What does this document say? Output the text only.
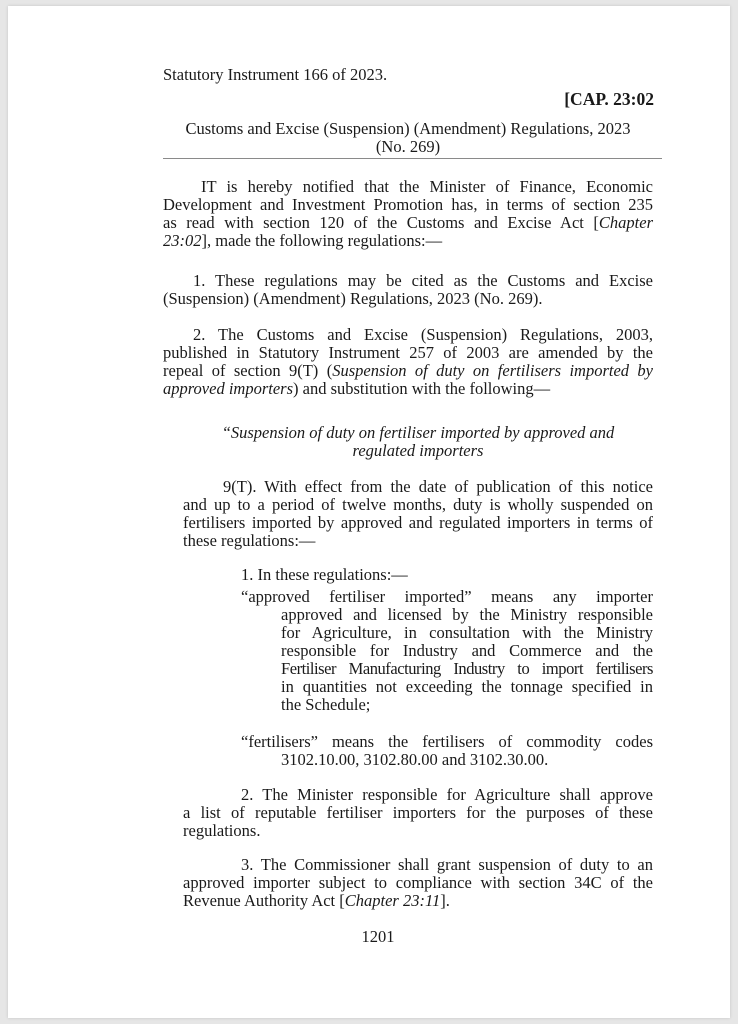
Statutory Instrument 166 of 2023.
[CAP. 23:02
Customs and Excise (Suspension) (Amendment) Regulations, 2023
(No. 269)
IT is hereby notified that the Minister of Finance, Economic
Development and Investment Promotion has, in terms of section 235
as read with section 120 of the Customs and Excise Act [Chapter
23:02], made the following regulations:—
1. These regulations may be cited as the Customs and Excise
(Suspension) (Amendment) Regulations, 2023 (No. 269).
2. The Customs and Excise (Suspension) Regulations, 2003,
published in Statutory Instrument 257 of 2003 are amended by the
repeal of section 9(T) (Suspension of duty on fertilisers imported by
approved importers) and substitution with the following—
“Suspension of duty on fertiliser imported by approved and
regulated importers
9(T). With effect from the date of publication of this notice
and up to a period of twelve months, duty is wholly suspended on
fertilisers imported by approved and regulated importers in terms of
these regulations:—
1. In these regulations:—
“approved fertiliser imported” means any importer
approved and licensed by the Ministry responsible
for Agriculture, in consultation with the Ministry
responsible for Industry and Commerce and the
Fertiliser Manufacturing Industry to import fertilisers
in quantities not exceeding the tonnage specified in
the Schedule;
“fertilisers” means the fertilisers of commodity codes
3102.10.00, 3102.80.00 and 3102.30.00.
2. The Minister responsible for Agriculture shall approve
a list of reputable fertiliser importers for the purposes of these
regulations.
3. The Commissioner shall grant suspension of duty to an
approved importer subject to compliance with section 34C of the
Revenue Authority Act [Chapter 23:11].
1201
